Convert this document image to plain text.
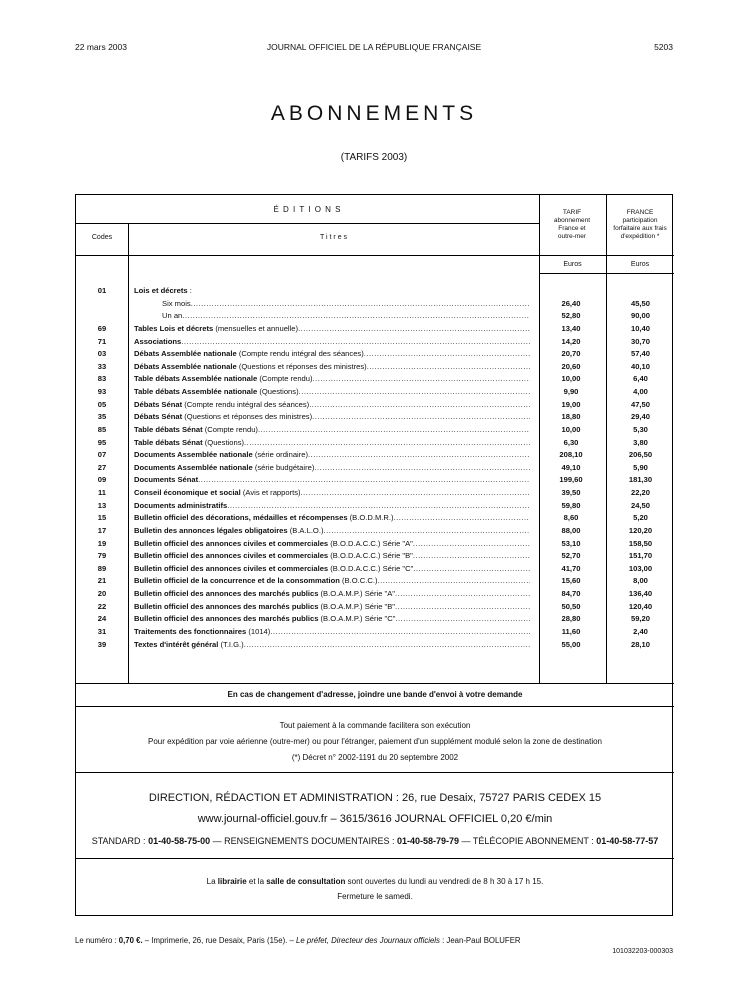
22 mars 2003	JOURNAL OFFICIEL DE LA RÉPUBLIQUE FRANÇAISE	5203
ABONNEMENTS
(TARIFS 2003)
É D I T I O N S
Codes	T i t r e s
TARIF abonnement France et outre-mer
FRANCE participation forfaitaire aux frais d'expédition *
Euros	Euros
01	Lois et décrets :
Six mois .....	26,40	45,50
Un an .....	52,80	90,00
69	Tables Lois et décrets (mensuelles et annuelle) .....	13,40	10,40
71	Associations .....	14,20	30,70
03	Débats Assemblée nationale (Compte rendu intégral des séances) .....	20,70	57,40
33	Débats Assemblée nationale (Questions et réponses des ministres) .....	20,60	40,10
83	Table débats Assemblée nationale (Compte rendu) .....	10,00	6,40
93	Table débats Assemblée nationale (Questions) .....	9,90	4,00
05	Débats Sénat (Compte rendu intégral des séances) .....	19,00	47,50
35	Débats Sénat (Questions et réponses des ministres) .....	18,80	29,40
85	Table débats Sénat (Compte rendu) .....	10,00	5,30
95	Table débats Sénat (Questions) .....	6,30	3,80
07	Documents Assemblée nationale (série ordinaire) .....	208,10	206,50
27	Documents Assemblée nationale (série budgétaire) .....	49,10	5,90
09	Documents Sénat .....	199,60	181,30
11	Conseil économique et social (Avis et rapports) .....	39,50	22,20
13	Documents administratifs .....	59,80	24,50
15	Bulletin officiel des décorations, médailles et récompenses (B.O.D.M.R.) .....	8,60	5,20
17	Bulletin des annonces légales obligatoires (B.A.L.O.) .....	88,00	120,20
19	Bulletin officiel des annonces civiles et commerciales (B.O.D.A.C.C.) Série "A" .....	53,10	158,50
79	Bulletin officiel des annonces civiles et commerciales (B.O.D.A.C.C.) Série "B" .....	52,70	151,70
89	Bulletin officiel des annonces civiles et commerciales (B.O.D.A.C.C.) Série "C" .....	41,70	103,00
21	Bulletin officiel de la concurrence et de la consommation (B.O.C.C.) .....	15,60	8,00
20	Bulletin officiel des annonces des marchés publics (B.O.A.M.P.) Série "A" .....	84,70	136,40
22	Bulletin officiel des annonces des marchés publics (B.O.A.M.P.) Série "B" .....	50,50	120,40
24	Bulletin officiel des annonces des marchés publics (B.O.A.M.P.) Série "C" .....	28,80	59,20
31	Traitements des fonctionnaires (1014) .....	11,60	2,40
39	Textes d'intérêt général (T.I.G.) .....	55,00	28,10
En cas de changement d'adresse, joindre une bande d'envoi à votre demande
Tout paiement à la commande facilitera son exécution
Pour expédition par voie aérienne (outre-mer) ou pour l'étranger, paiement d'un supplément modulé selon la zone de destination
(*) Décret n° 2002-1191 du 20 septembre 2002
DIRECTION, RÉDACTION ET ADMINISTRATION : 26, rue Desaix, 75727 PARIS CEDEX 15
www.journal-officiel.gouv.fr – 3615/3616 JOURNAL OFFICIEL 0,20 €/min
STANDARD : 01-40-58-75-00 — RENSEIGNEMENTS DOCUMENTAIRES : 01-40-58-79-79 — TÉLÉCOPIE ABONNEMENT : 01-40-58-77-57
La librairie et la salle de consultation sont ouvertes du lundi au vendredi de 8 h 30 à 17 h 15.
Fermeture le samedi.
Le numéro : 0,70 €. – Imprimerie, 26, rue Desaix, Paris (15e). – Le préfet, Directeur des Journaux officiels : Jean-Paul BOLUFER
101032203-000303
